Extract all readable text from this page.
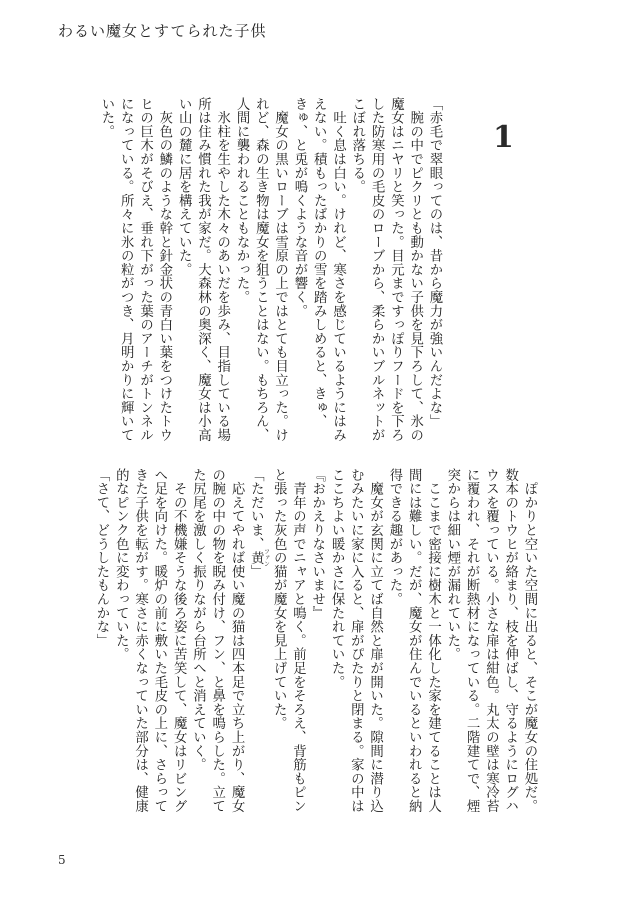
わるい魔女とすてられた子供
1
「赤毛で翠眼ってのは、昔から魔力が強いんだよな」
　腕の中でピクリとも動かない子供を見下ろして、氷の
魔女はニヤリと笑った。目元まですっぽりフードを下ろ
した防寒用の毛皮のローブから、柔らかいブルネットが
こぼれ落ちる。
　吐く息は白い。けれど、寒さを感じているようにはみ
えない。積もったばかりの雪を踏みしめると、きゅ、
きゅ、と兎が鳴くような音が響く。
　魔女の黒いローブは雪原の上ではとても目立った。け
れど、森の生き物は魔女を狙うことはない。もちろん、
人間に襲われることもなかった。
　氷柱を生やした木々のあいだを歩み、目指している場
所は住み慣れた我が家だ。大森林の奥深く、魔女は小高
い山の麓に居を構えていた。
　灰色の鱗のような幹と針金状の青白い葉をつけたトウ
ヒの巨木がそびえ、垂れ下がった葉のアーチがトンネル
になっている。所々に氷の粒がつき、月明かりに輝いて
いた。
　ぽかりと空いた空間に出ると、そこが魔女の住処だ。
数本のトウヒが絡まり、枝を伸ばし、守るようにログハ
ウスを覆っている。小さな扉は紺色。丸太の壁は寒冷苔
に覆われ、それが断熱材になっている。二階建てで、煙
突からは細い煙が漏れていた。
　ここまで密接に樹木と一体化した家を建てることは人
間には難しい。だが、魔女が住んでいるといわれると納
得できる趣があった。
　魔女が玄関に立てば自然と扉が開いた。隙間に潜り込
むみたいに家に入ると、扉がぴたりと閉まる。家の中は
ここちよい暖かさに保たれていた。
『おかえりなさいませ』
　青年の声でニャアと鳴く。前足をそろえ、背筋もピン
と張った灰色の猫が魔女を見上げていた。
「ただいま、黄 ファン」
　応えてやれば使い魔の猫は四本足で立ち上がり、魔女
の腕の中の物を睨み付け、フン、と鼻を鳴らした。立て
た尻尾を激しく振りながら台所へと消えていく。
　その不機嫌そうな後ろ姿に苦笑して、魔女はリビング
へ足を向けた。暖炉の前に敷いた毛皮の上に、さらって
きた子供を転がす。寒さに赤くなっていた部分は、健康
的なピンク色に変わっていた。
「さて、どうしたもんかな」
5
